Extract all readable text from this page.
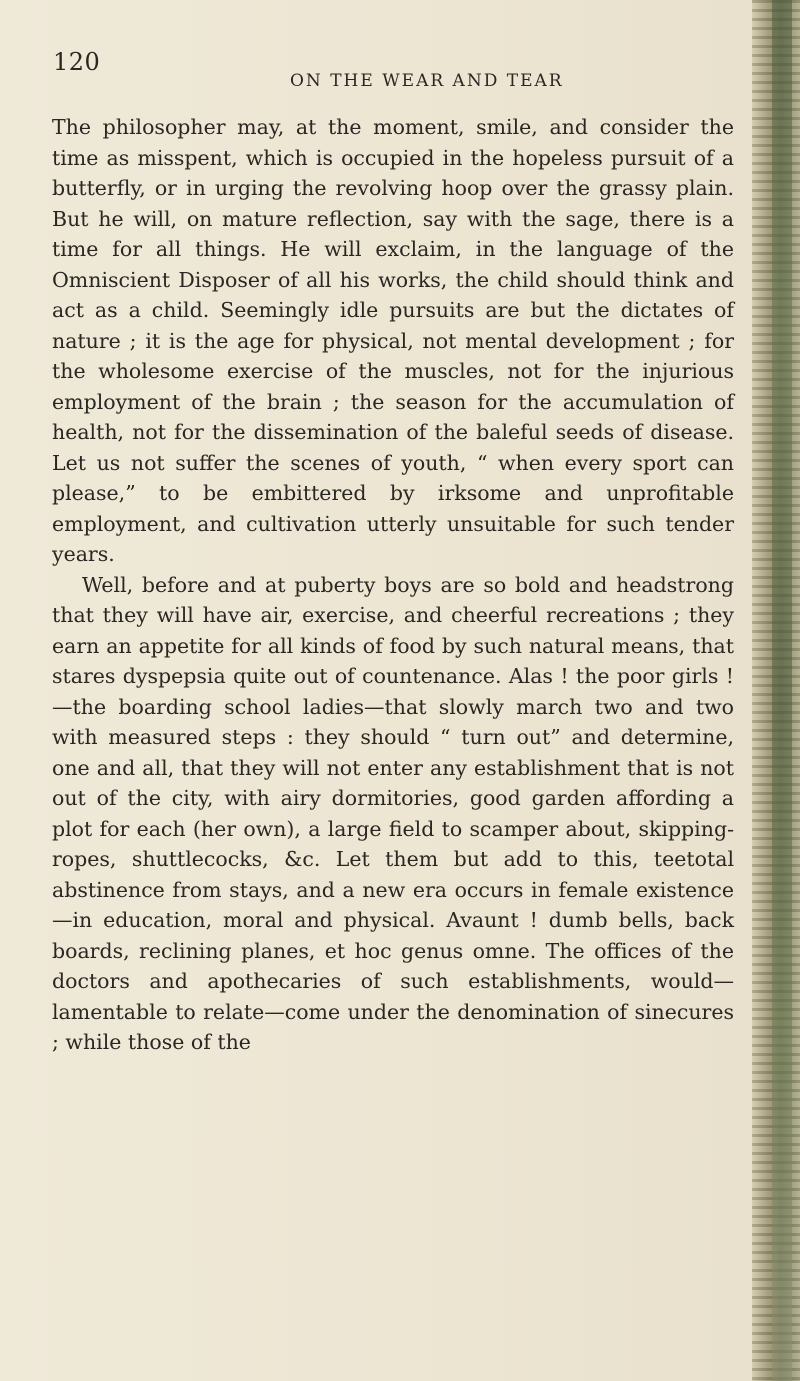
120
ON THE WEAR AND TEAR

The philosopher may, at the moment, smile, and consider the time as misspent, which is occupied in the hopeless pursuit of a butterfly, or in urging the revolving hoop over the grassy plain. But he will, on mature reflection, say with the sage, there is a time for all things. He will exclaim, in the language of the Omniscient Disposer of all his works, the child should think and act as a child. Seemingly idle pursuits are but the dictates of nature ; it is the age for physical, not mental development ; for the wholesome exercise of the muscles, not for the injurious employment of the brain ; the season for the accumulation of health, not for the dissemination of the baleful seeds of disease. Let us not suffer the scenes of youth, “ when every sport can please,” to be embittered by irksome and unprofitable employment, and cultivation utterly unsuitable for such tender years.

Well, before and at puberty boys are so bold and headstrong that they will have air, exercise, and cheerful recreations ; they earn an appetite for all kinds of food by such natural means, that stares dyspepsia quite out of countenance. Alas ! the poor girls !—the boarding school ladies—that slowly march two and two with measured steps : they should “ turn out” and determine, one and all, that they will not enter any establishment that is not out of the city, with airy dormitories, good garden affording a plot for each (her own), a large field to scamper about, skipping-ropes, shuttlecocks, &c. Let them but add to this, teetotal abstinence from stays, and a new era occurs in female existence—in education, moral and physical. Avaunt ! dumb bells, back boards, reclining planes, et hoc genus omne. The offices of the doctors and apothecaries of such establishments, would—lamentable to relate—come under the denomination of sinecures ; while those of the
